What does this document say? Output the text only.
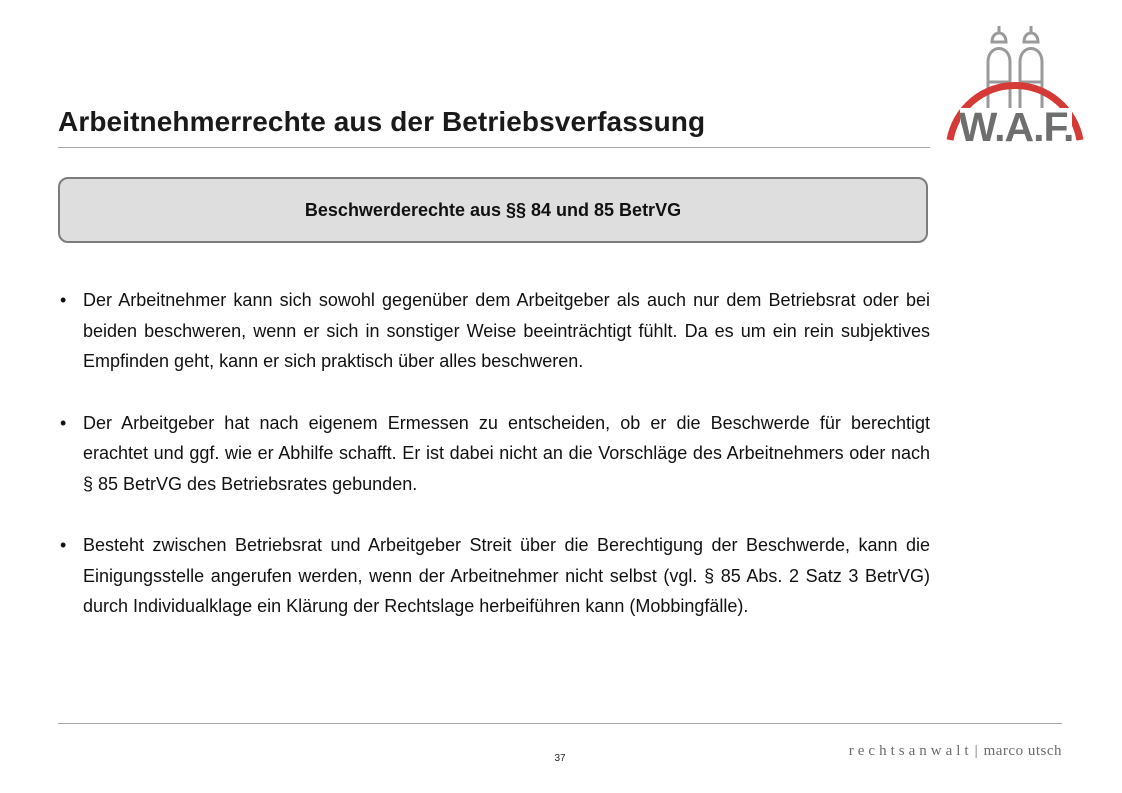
W.A.F.
Arbeitnehmerrechte aus der Betriebsverfassung
Beschwerderechte aus §§ 84 und 85 BetrVG
• Der Arbeitnehmer kann sich sowohl gegenüber dem Arbeitgeber als auch nur dem Betriebsrat oder bei beiden beschweren, wenn er sich in sonstiger Weise beeinträchtigt fühlt. Da es um ein rein subjektives Empfinden geht, kann er sich praktisch über alles beschweren.
• Der Arbeitgeber hat nach eigenem Ermessen zu entscheiden, ob er die Beschwerde für berechtigt erachtet und ggf. wie er Abhilfe schafft. Er ist dabei nicht an die Vorschläge des Arbeitnehmers oder nach § 85 BetrVG des Betriebsrates gebunden.
• Besteht zwischen Betriebsrat und Arbeitgeber Streit über die Berechtigung der Beschwerde, kann die Einigungsstelle angerufen werden, wenn der Arbeitnehmer nicht selbst (vgl. § 85 Abs. 2 Satz 3 BetrVG) durch Individualklage ein Klärung der Rechtslage herbeiführen kann (Mobbingfälle).
37	rechtsanwalt | marco utsch
